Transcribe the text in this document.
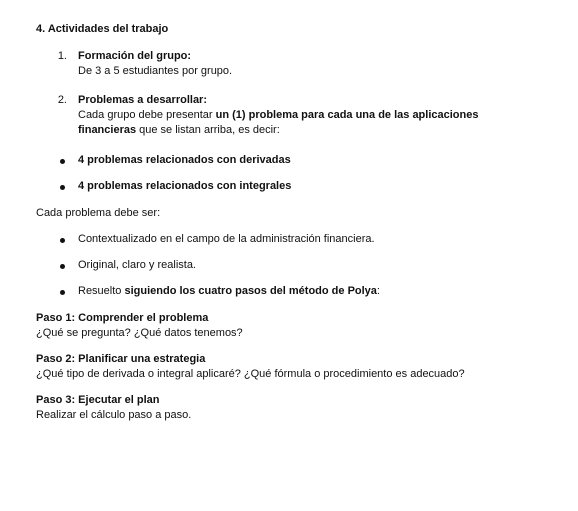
4. Actividades del trabajo
1. Formación del grupo:
De 3 a 5 estudiantes por grupo.
2. Problemas a desarrollar:
Cada grupo debe presentar un (1) problema para cada una de las aplicaciones
financieras que se listan arriba, es decir:
4 problemas relacionados con derivadas
4 problemas relacionados con integrales
Cada problema debe ser:
Contextualizado en el campo de la administración financiera.
Original, claro y realista.
Resuelto siguiendo los cuatro pasos del método de Polya:
Paso 1: Comprender el problema
¿Qué se pregunta? ¿Qué datos tenemos?
Paso 2: Planificar una estrategia
¿Qué tipo de derivada o integral aplicaré? ¿Qué fórmula o procedimiento es adecuado?
Paso 3: Ejecutar el plan
Realizar el cálculo paso a paso.
